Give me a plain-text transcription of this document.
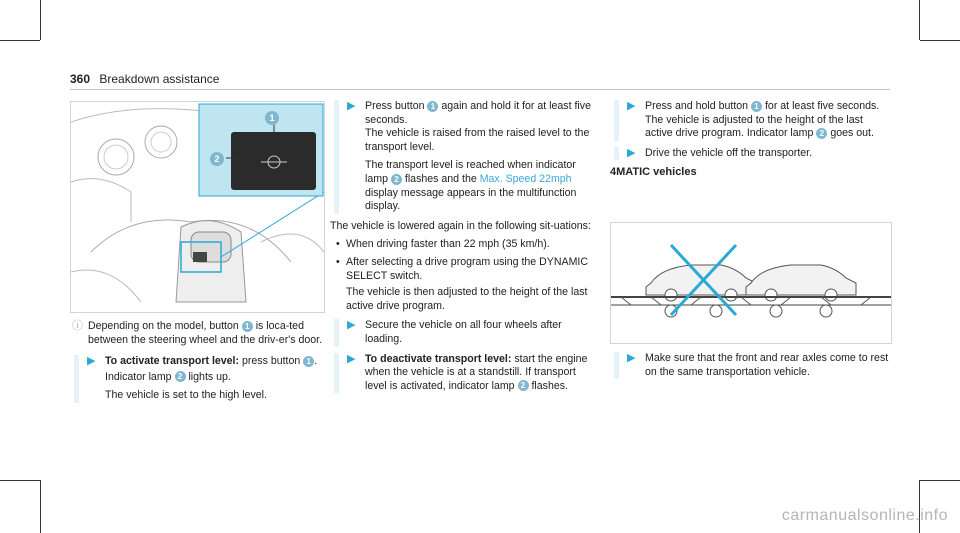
360 Breakdown assistance
1
2
ⓘ Depending on the model, button 1 is loca-ted between the steering wheel and the driv-er's door.
▶ To activate transport level: press button 1 .

Indicator lamp 2 lights up.

The vehicle is set to the high level.

▶ Press button 1 again and hold it for at least five seconds.

The vehicle is raised from the raised level to the transport level.

The transport level is reached when indicator lamp 2 flashes and the Max. Speed 22mph display message appears in the multifunction display.

The vehicle is lowered again in the following sit-uations:

• When driving faster than 22 mph (35 km/h).
• After selecting a drive program using the DYNAMIC SELECT switch.

The vehicle is then adjusted to the height of the last active drive program.

▶ Secure the vehicle on all four wheels after loading.
▶ To deactivate transport level: start the engine when the vehicle is at a standstill. If transport level is activated, indicator lamp 2 flashes.
▶ Press and hold button 1 for at least five seconds.

The vehicle is adjusted to the height of the last active drive program. Indicator lamp 2 goes out.

▶ Drive the vehicle off the transporter.
4MATIC vehicles
▶ Make sure that the front and rear axles come to rest on the same transportation vehicle.
carmanualsonline.info
